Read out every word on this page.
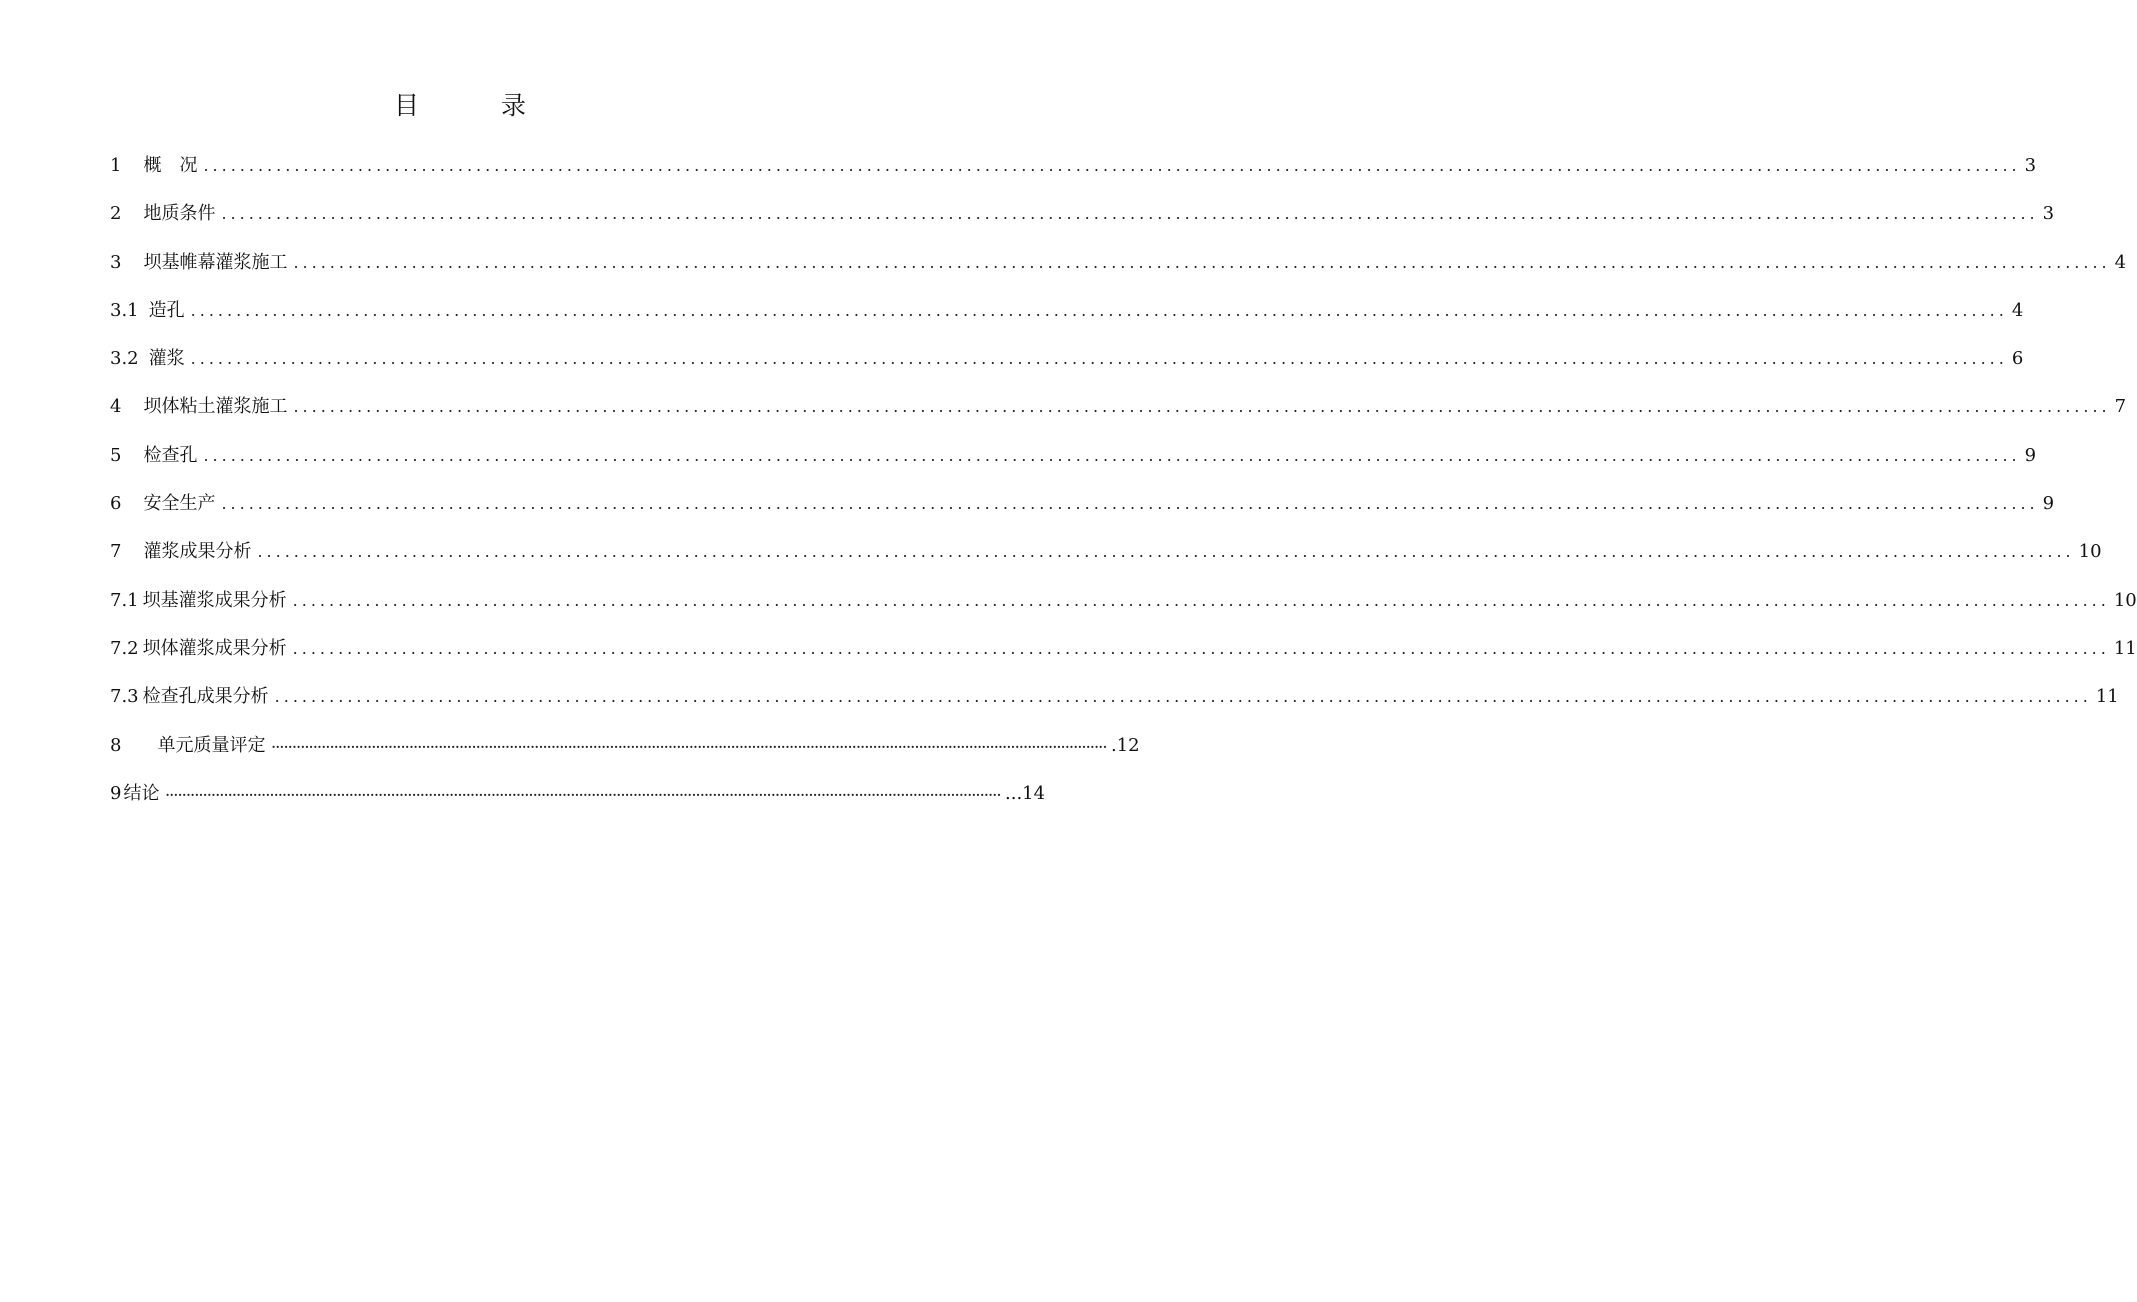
目录
1 概　况 ........................................................................................................................................................................................................ 3
2 地质条件 ........................................................................................................................................................................................................ 3
3 坝基帷幕灌浆施工 ........................................................................................................................................................................................................ 4
3.1 造孔 ........................................................................................................................................................................................................ 4
3.2 灌浆 ........................................................................................................................................................................................................ 6
4 坝体粘土灌浆施工 ........................................................................................................................................................................................................ 7
5 检查孔 ........................................................................................................................................................................................................ 9
6 安全生产 ........................................................................................................................................................................................................ 9
7 灌浆成果分析 ........................................................................................................................................................................................................ 10
7.1 坝基灌浆成果分析 ........................................................................................................................................................................................................ 10
7.2 坝体灌浆成果分析 ........................................................................................................................................................................................................ 11
7.3 检查孔成果分析 ........................................................................................................................................................................................................ 11
8 单元质量评定 ········································································································································································································ .12
9 结论 ········································································································································································································ ...14
